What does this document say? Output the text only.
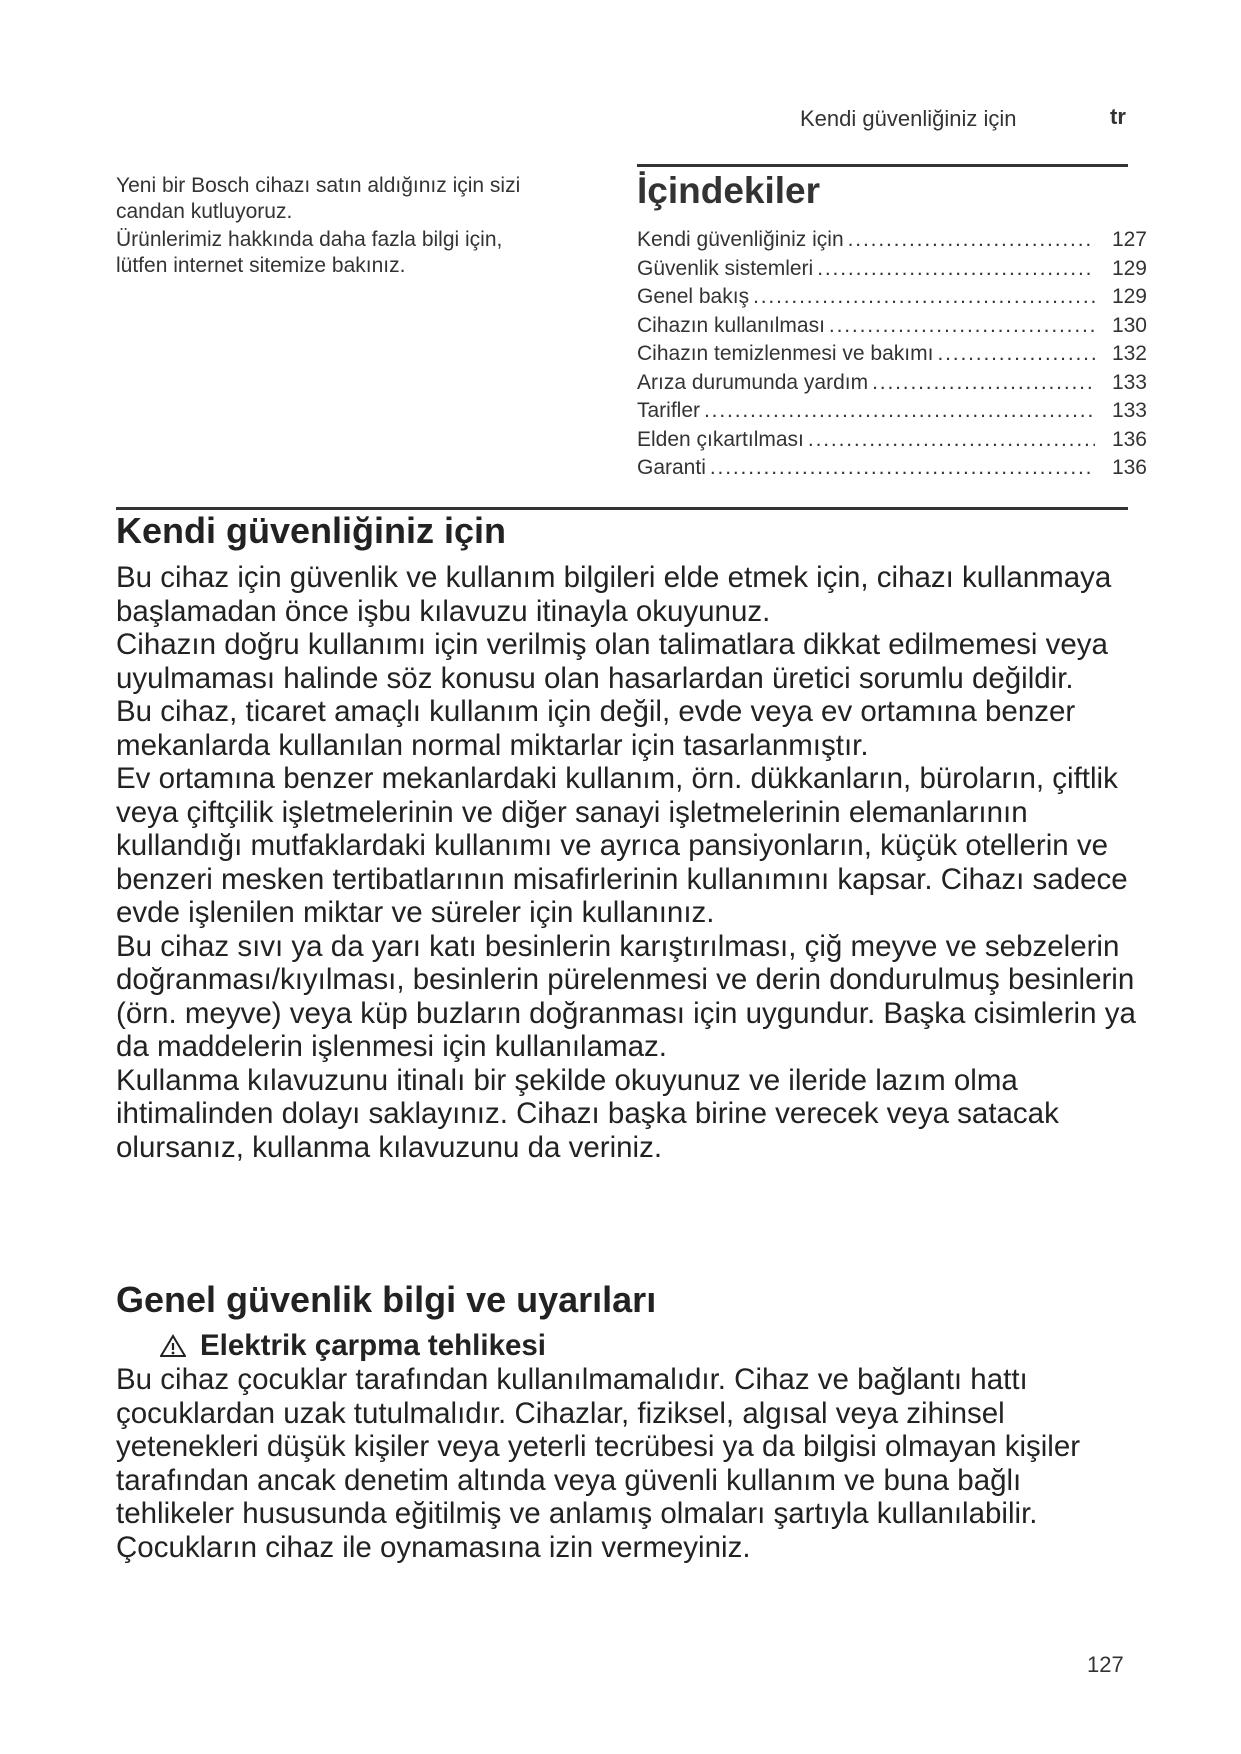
Kendi güvenliğiniz için	tr

Yeni bir Bosch cihazı satın aldığınız için sizi

candan kutluyoruz.

Ürünlerimiz hakkında daha fazla bilgi için,

lütfen internet sitemize bakınız.

İçindekiler
Kendi güvenliğiniz için . . .	127
Güvenlik sistemleri . . .	129
Genel bakış . . .	129
Cihazın kullanılması . . .	130
Cihazın temizlenmesi ve bakımı . . .	132
Arıza durumunda yardım . . .	133
Tarifler . . .	133
Elden çıkartılması . . .	136
Garanti . . .	136
Kendi güvenliğiniz için

Bu cihaz için güvenlik ve kullanım bilgileri elde etmek için, cihazı kullanmaya başlamadan önce işbu kılavuzu itinayla okuyunuz.

Cihazın doğru kullanımı için verilmiş olan talimatlara dikkat edilmemesi veya uyulmaması halinde söz konusu olan hasarlardan üretici sorumlu değildir.

Bu cihaz, ticaret amaçlı kullanım için değil, evde veya ev ortamına benzer mekanlarda kullanılan normal miktarlar için tasarlanmıştır.

Ev ortamına benzer mekanlardaki kullanım, örn. dükkanların, büroların, çiftlik veya çiftçilik işletmelerinin ve diğer sanayi işletmelerinin elemanlarının kullandığı mutfaklardaki kullanımı ve ayrıca pansiyonların, küçük otellerin ve benzeri mesken tertibatlarının misafirlerinin kullanımını kapsar. Cihazı sadece evde işlenilen miktar ve süreler için kullanınız.

Bu cihaz sıvı ya da yarı katı besinlerin karıştırılması, çiğ meyve ve sebzelerin doğranması/kıyılması, besinlerin pürelenmesi ve derin dondurulmuş besinlerin (örn. meyve) veya küp buzların doğranması için uygundur. Başka cisimlerin ya da maddelerin işlenmesi için kullanılamaz.

Kullanma kılavuzunu itinalı bir şekilde okuyunuz ve ileride lazım olma ihtimalinden dolayı saklayınız. Cihazı başka birine verecek veya satacak olursanız, kullanma kılavuzunu da veriniz.

Genel güvenlik bilgi ve uyarıları
Elektrik çarpma tehlikesi

Bu cihaz çocuklar tarafından kullanılmamalıdır. Cihaz ve bağlantı hattı çocuklardan uzak tutulmalıdır. Cihazlar, fiziksel, algısal veya zihinsel yetenekleri düşük kişiler veya yeterli tecrübesi ya da bilgisi olmayan kişiler tarafından ancak denetim altında veya güvenli kullanım ve buna bağlı tehlikeler hususunda eğitilmiş ve anlamış olmaları şartıyla kullanılabilir. Çocukların cihaz ile oynamasına izin vermeyiniz.

127
